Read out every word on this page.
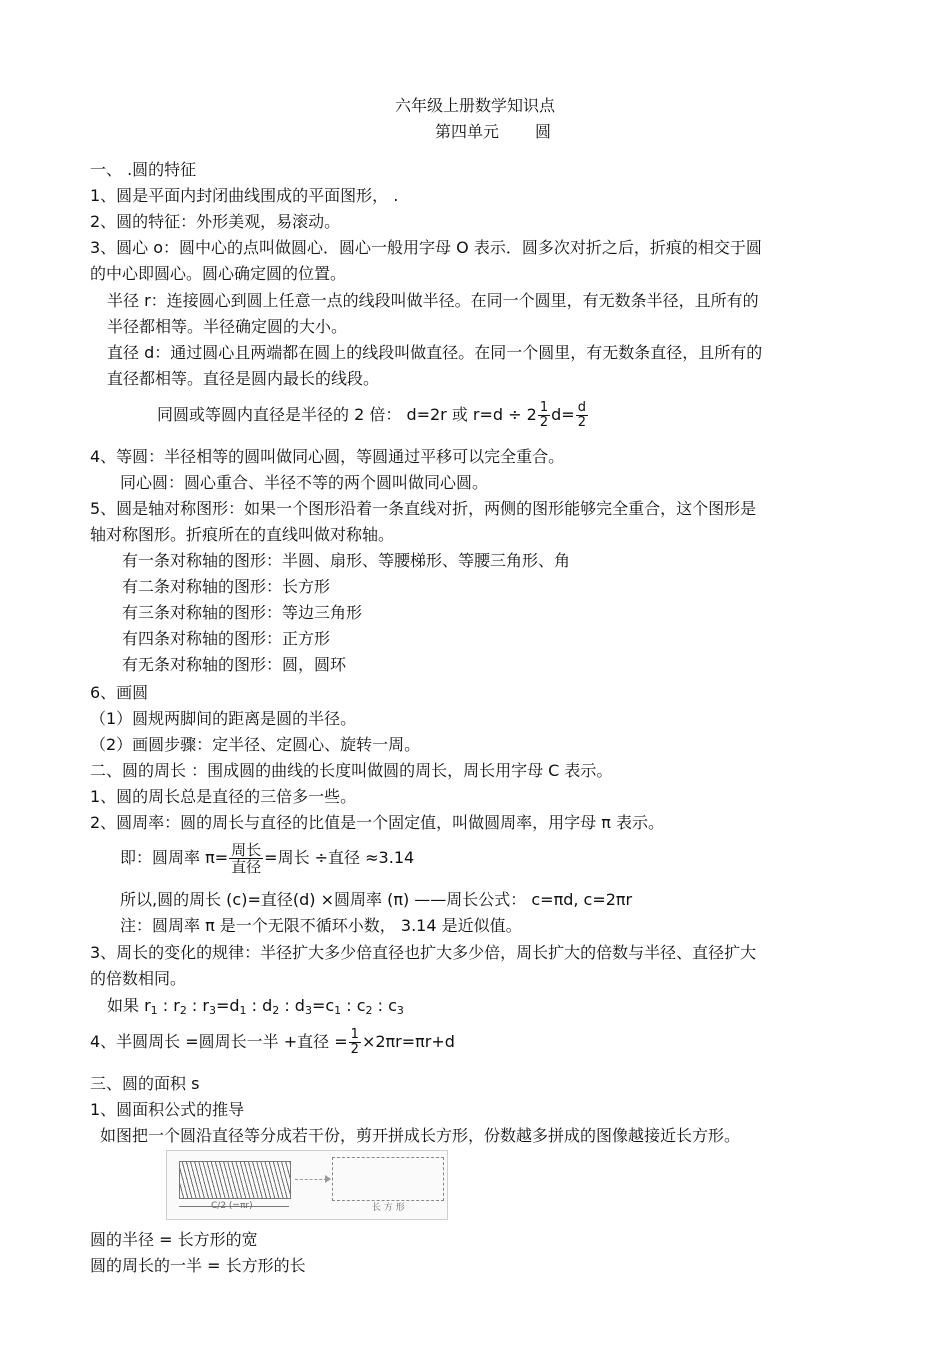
六年级上册数学知识点
第四单元 圆
一、 .圆的特征
1、圆是平面内封闭曲线围成的平面图形， .
2、圆的特征：外形美观，易滚动。
3、圆心 o：圆中心的点叫做圆心．圆心一般用字母 O 表示．圆多次对折之后，折痕的相交于圆
的中心即圆心。圆心确定圆的位置。
半径 r：连接圆心到圆上任意一点的线段叫做半径。在同一个圆里，有无数条半径，且所有的
半径都相等。半径确定圆的大小。
直径 d：通过圆心且两端都在圆上的线段叫做直径。在同一个圆里，有无数条直径，且所有的
直径都相等。直径是圆内最长的线段。
同圆或等圆内直径是半径的 2 倍： d=2r 或 $r=d \div 2 \frac{1}{2} d= \frac{d}{2}$
4、等圆：半径相等的圆叫做同心圆，等圆通过平移可以完全重合。
同心圆：圆心重合、半径不等的两个圆叫做同心圆。
5、圆是轴对称图形：如果一个图形沿着一条直线对折，两侧的图形能够完全重合，这个图形是
轴对称图形。折痕所在的直线叫做对称轴。
有一条对称轴的图形：半圆、扇形、等腰梯形、等腰三角形、角
有二条对称轴的图形：长方形
有三条对称轴的图形：等边三角形
有四条对称轴的图形：正方形
有无条对称轴的图形：圆，圆环
6、画圆
（1）圆规两脚间的距离是圆的半径。
（2）画圆步骤：定半径、定圆心、旋转一周。
二、圆的周长 ：围成圆的曲线的长度叫做圆的周长，周长用字母 C 表示。
1、圆的周长总是直径的三倍多一些。
2、圆周率：圆的周长与直径的比值是一个固定值，叫做圆周率，用字母 π 表示。
即：圆周率 $\pi= \frac{\text{周长}}{\text{直径}}$ =周长 ÷直径 ≈3.14
所以,圆的周长 (c)=直径(d) ×圆周率 (π) ——周长公式： c=πd, c=2πr
注：圆周率 π 是一个无限不循环小数， 3.14 是近似值。
3、周长的变化的规律：半径扩大多少倍直径也扩大多少倍，周长扩大的倍数与半径、直径扩大
的倍数相同。
如果 $r_1$ : $r_2$ : $r_3=d_1$ : $d_2$ : $d_3=c_1$ : $c_2$ : $c_3$
4、半圆周长 =圆周长一半 +直径 = $\frac{1}{2} \times 2\pi r=\pi r+d$
三、圆的面积 s
1、圆面积公式的推导
如图把一个圆沿直径等分成若干份，剪开拼成长方形，份数越多拼成的图像越接近长方形。
C/2 (=πr)	长 方 形
圆的半径 = 长方形的宽
圆的周长的一半 = 长方形的长
